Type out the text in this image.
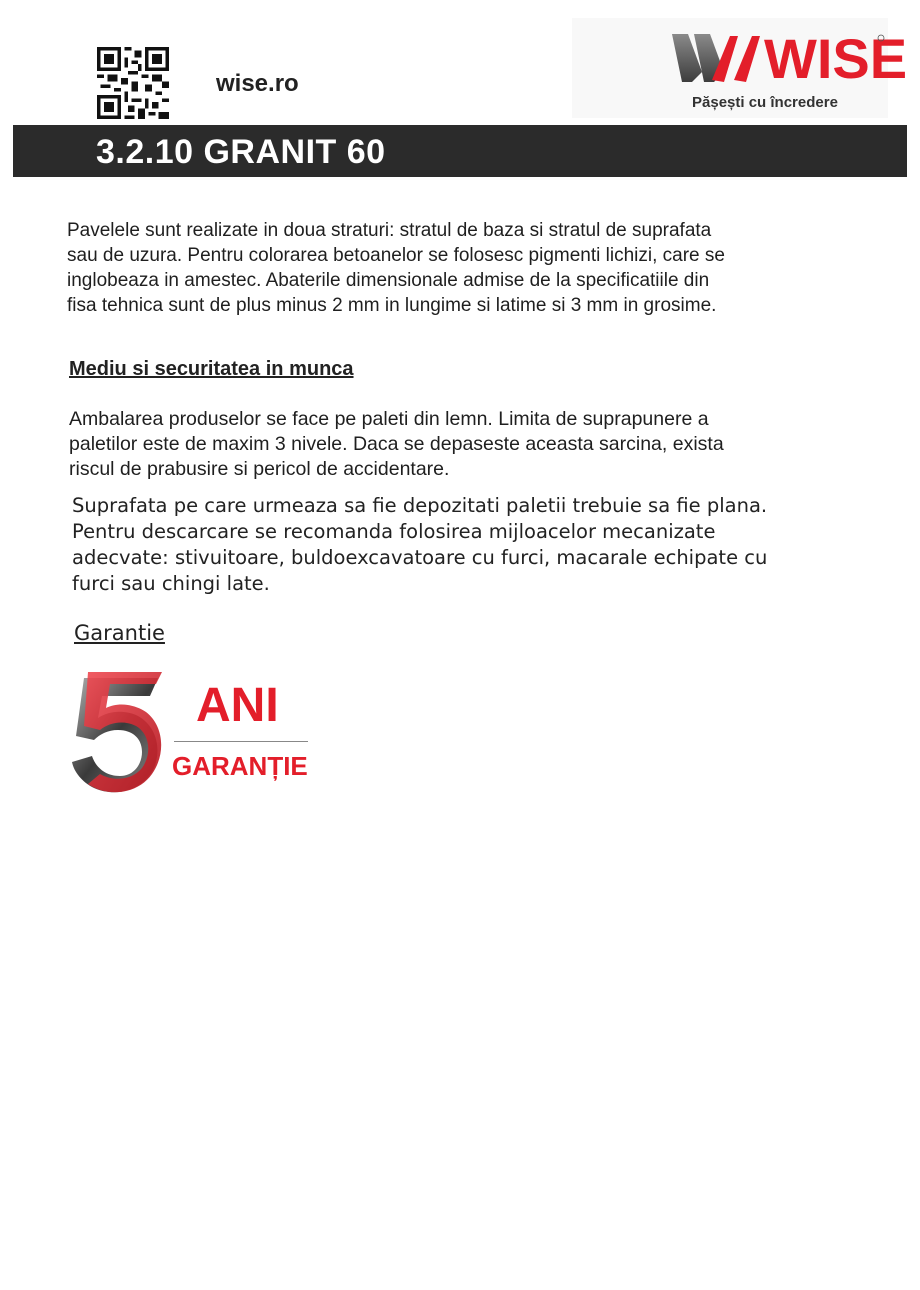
wise.ro	WISE
Pășești cu încredere
3.2.10 GRANIT 60
Pavelele sunt realizate in doua straturi: stratul de baza si stratul de suprafata
sau de uzura. Pentru colorarea betoanelor se folosesc pigmenti lichizi, care se
inglobeaza in amestec. Abaterile dimensionale admise de la specificatiile din
fisa tehnica sunt de plus minus 2 mm in lungime si latime si 3 mm in grosime.
Mediu si securitatea in munca
Ambalarea produselor se face pe paleti din lemn. Limita de suprapunere a
paletilor este de maxim 3 nivele. Daca se depaseste aceasta sarcina, exista
riscul de prabusire si pericol de accidentare.
Suprafata pe care urmeaza sa fie depozitati paletii trebuie sa fie plana.
Pentru descarcare se recomanda folosirea mijloacelor mecanizate
adecvate: stivuitoare, buldoexcavatoare cu furci, macarale echipate cu
furci sau chingi late.
Garantie
ANI
GARANȚIE
